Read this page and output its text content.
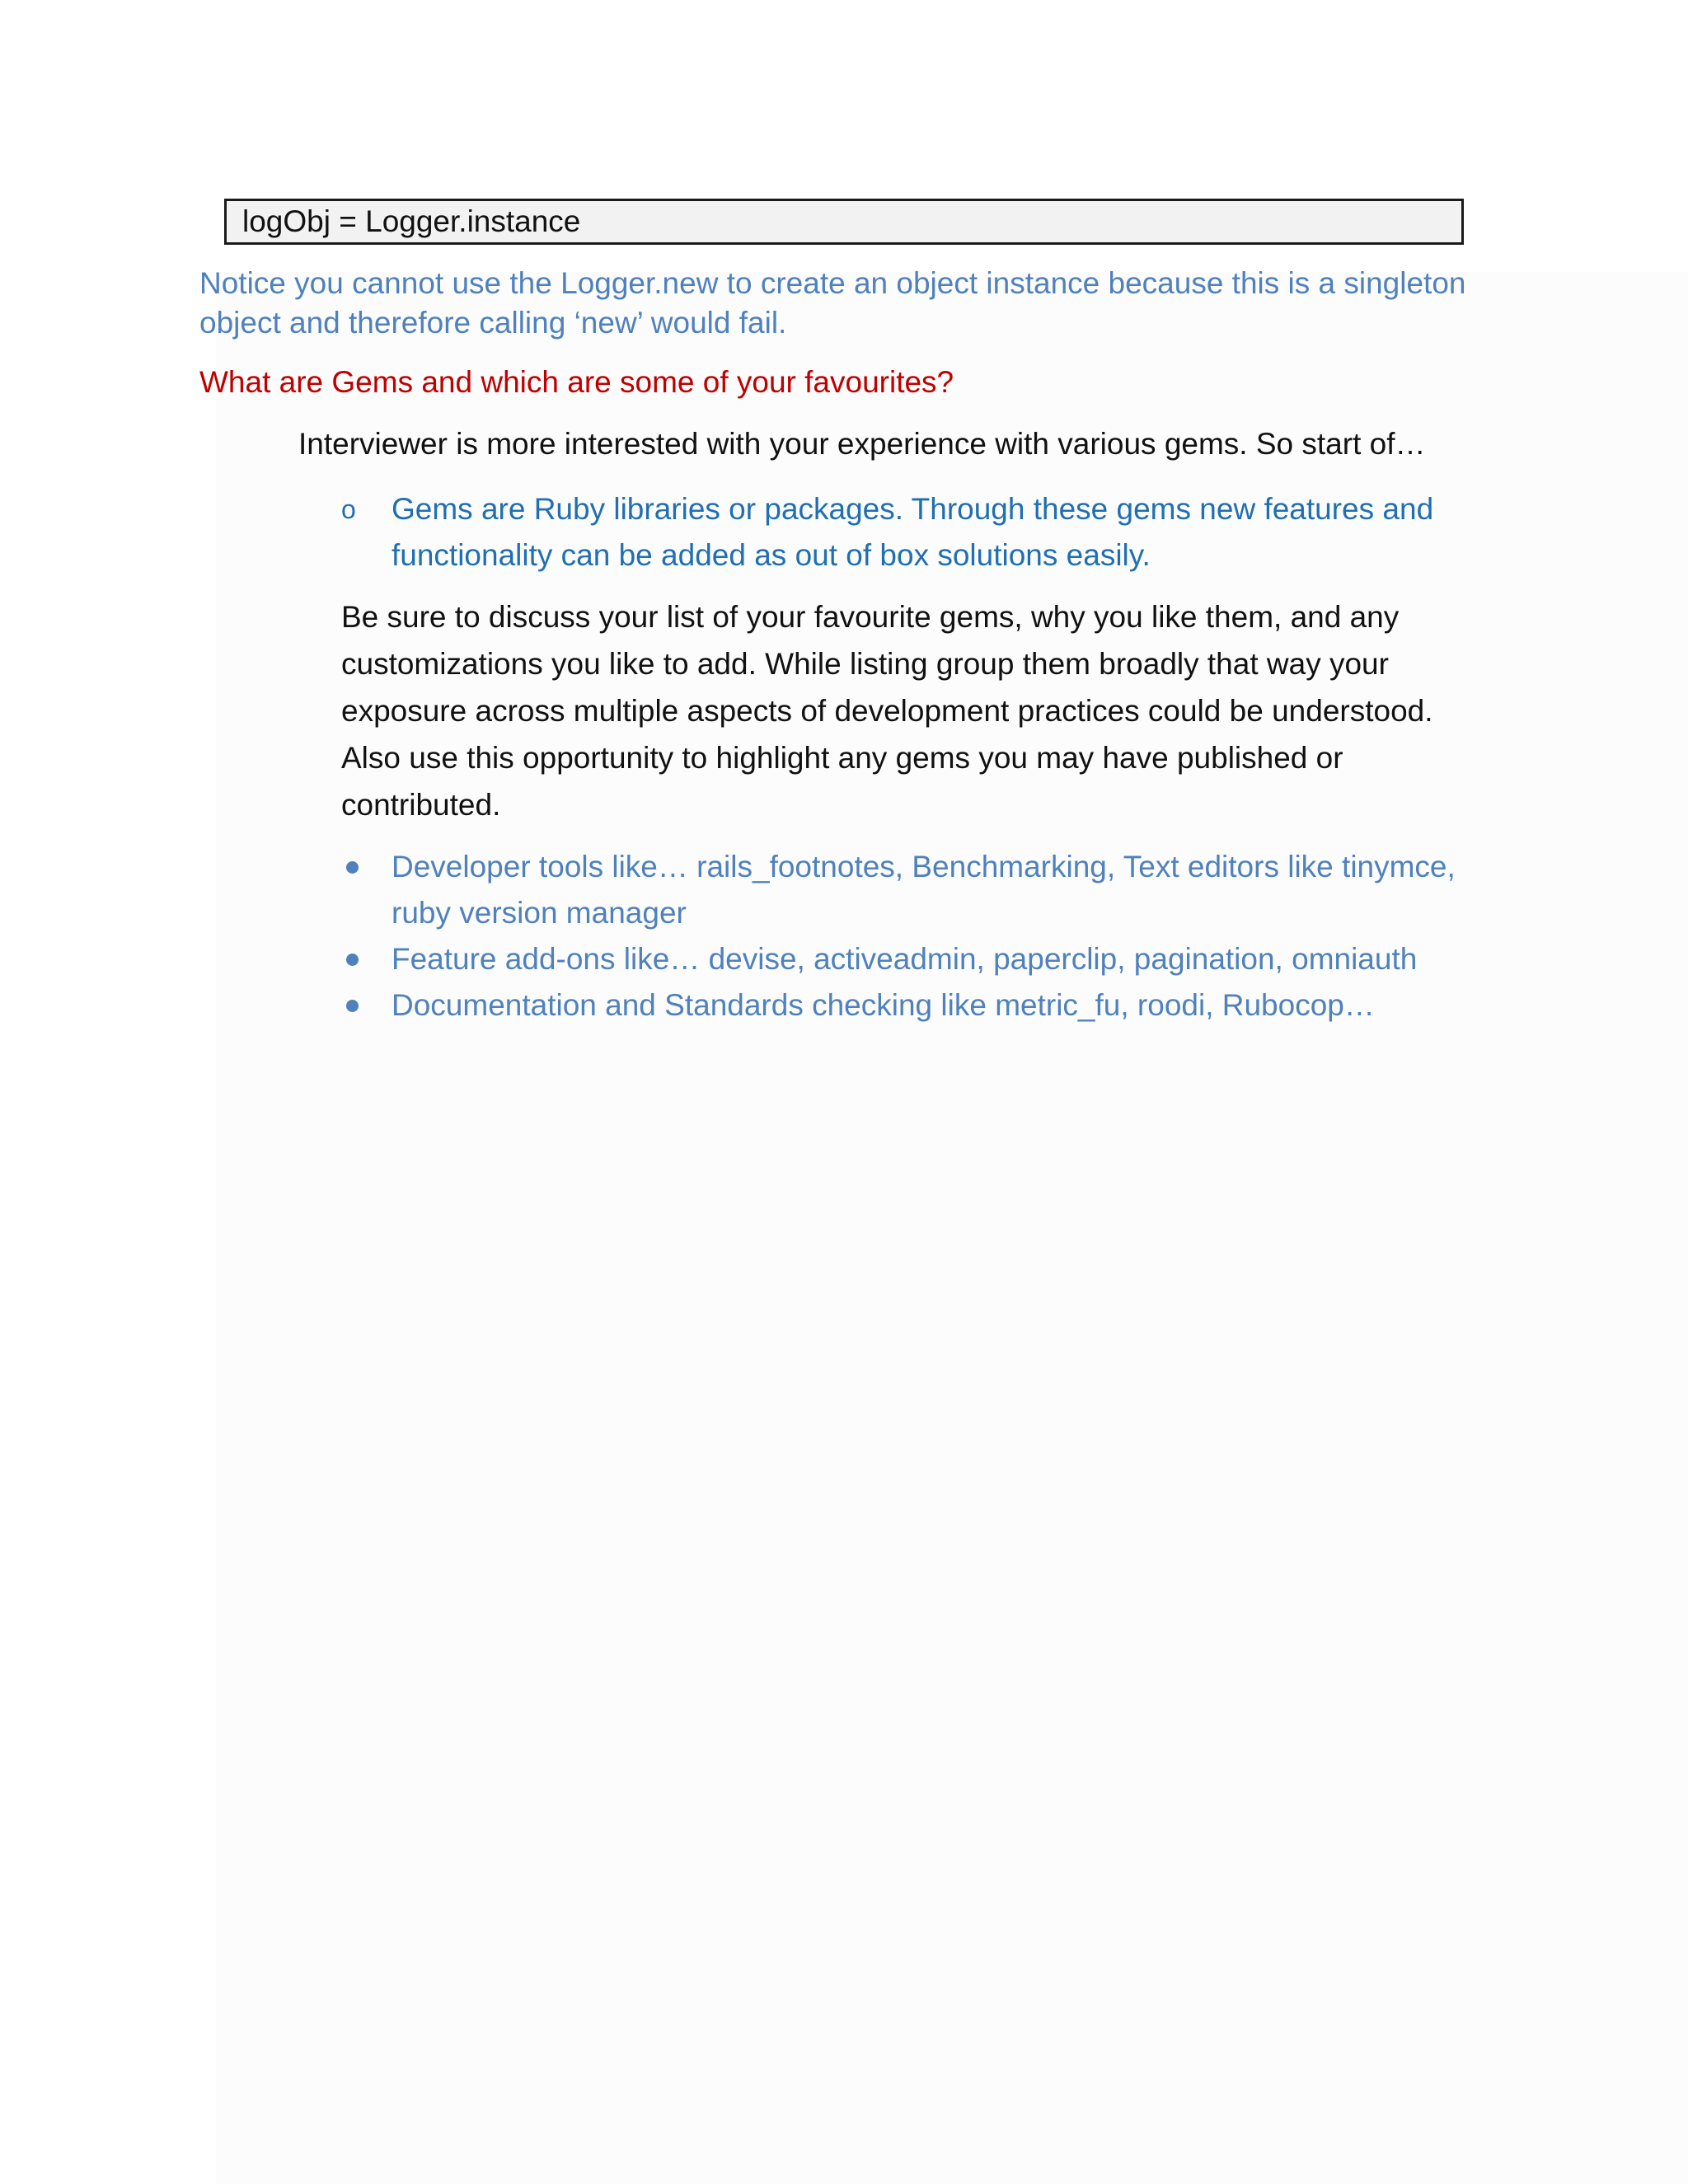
logObj = Logger.instance

Notice you cannot use the Logger.new to create an object instance because this is a singleton object and therefore calling ‘new’ would fail.

What are Gems and which are some of your favourites?

Interviewer is more interested with your experience with various gems. So start of…

o Gems are Ruby libraries or packages. Through these gems new features and functionality can be added as out of box solutions easily.

Be sure to discuss your list of your favourite gems, why you like them, and any customizations you like to add. While listing group them broadly that way your exposure across multiple aspects of development practices could be understood. Also use this opportunity to highlight any gems you may have published or contributed.

Developer tools like… rails_footnotes, Benchmarking, Text editors like tinymce, ruby version manager
Feature add-ons like… devise, activeadmin, paperclip, pagination, omniauth
Documentation and Standards checking like metric_fu, roodi, Rubocop…
